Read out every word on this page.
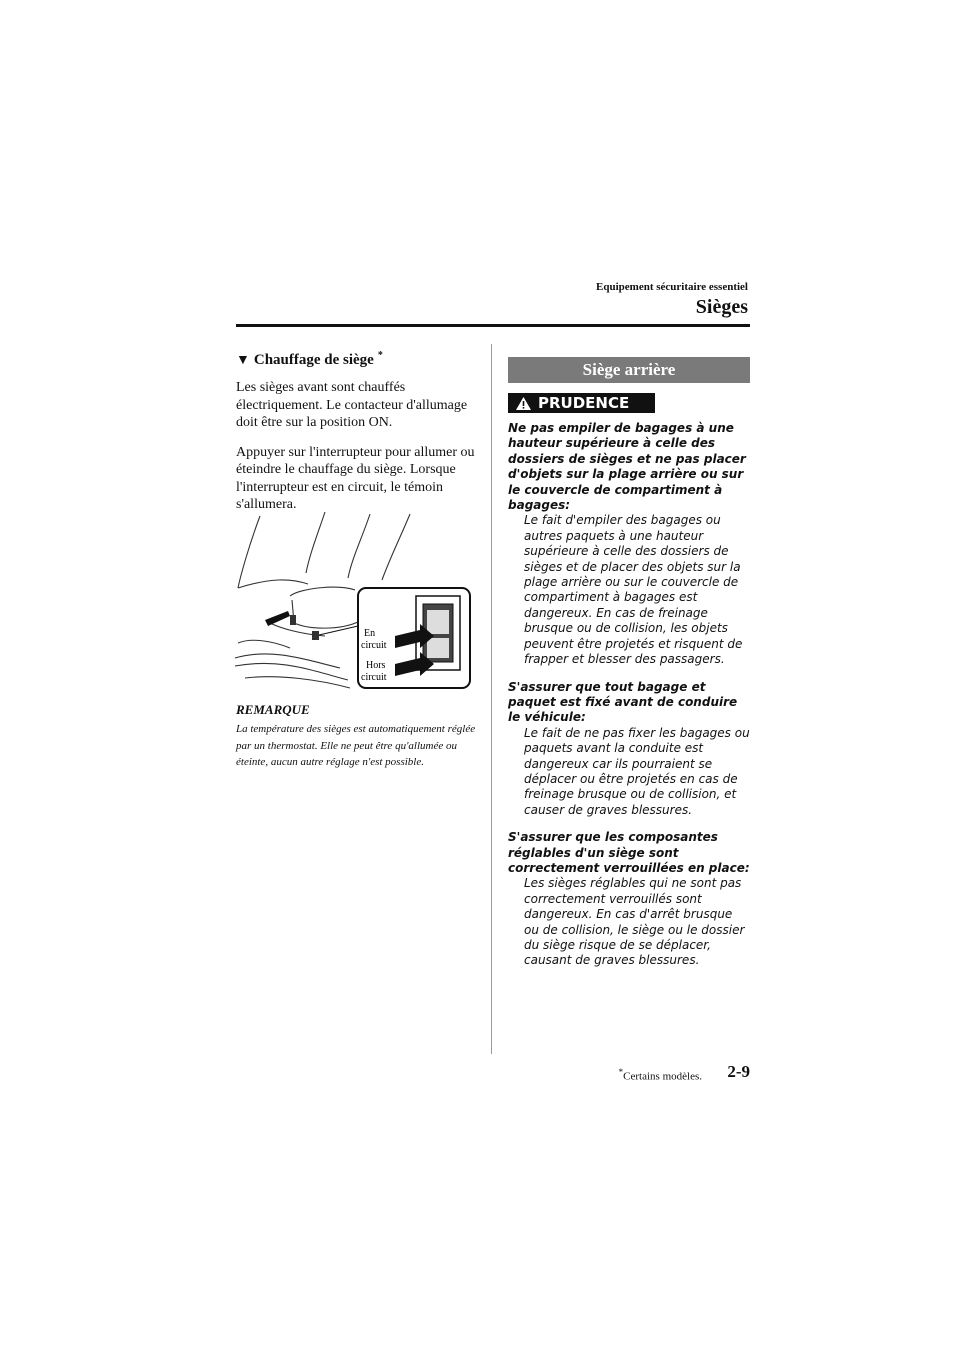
Equipement sécuritaire essentiel
Sièges
▼ Chauffage de siège *

Les sièges avant sont chauffés électriquement. Le contacteur d'allumage doit être sur la position ON.

Appuyer sur l'interrupteur pour allumer ou éteindre le chauffage du siège. Lorsque l'interrupteur est en circuit, le témoin s'allumera.

En
circuit
Hors
circuit
REMARQUE
La température des sièges est automatiquement réglée par un thermostat. Elle ne peut être qu'allumée ou éteinte, aucun autre réglage n'est possible.
Siège arrière
PRUDENCE
Ne pas empiler de bagages à une hauteur supérieure à celle des dossiers de sièges et ne pas placer d'objets sur la plage arrière ou sur le couvercle de compartiment à bagages:
Le fait d'empiler des bagages ou autres paquets à une hauteur supérieure à celle des dossiers de sièges et de placer des objets sur la plage arrière ou sur le couvercle de compartiment à bagages est dangereux. En cas de freinage brusque ou de collision, les objets peuvent être projetés et risquent de frapper et blesser des passagers.
S'assurer que tout bagage et paquet est fixé avant de conduire le véhicule:
Le fait de ne pas fixer les bagages ou paquets avant la conduite est dangereux car ils pourraient se déplacer ou être projetés en cas de freinage brusque ou de collision, et causer de graves blessures.
S'assurer que les composantes réglables d'un siège sont correctement verrouillées en place:
Les sièges réglables qui ne sont pas correctement verrouillés sont dangereux. En cas d'arrêt brusque ou de collision, le siège ou le dossier du siège risque de se déplacer, causant de graves blessures.
*Certains modèles. 2-9
